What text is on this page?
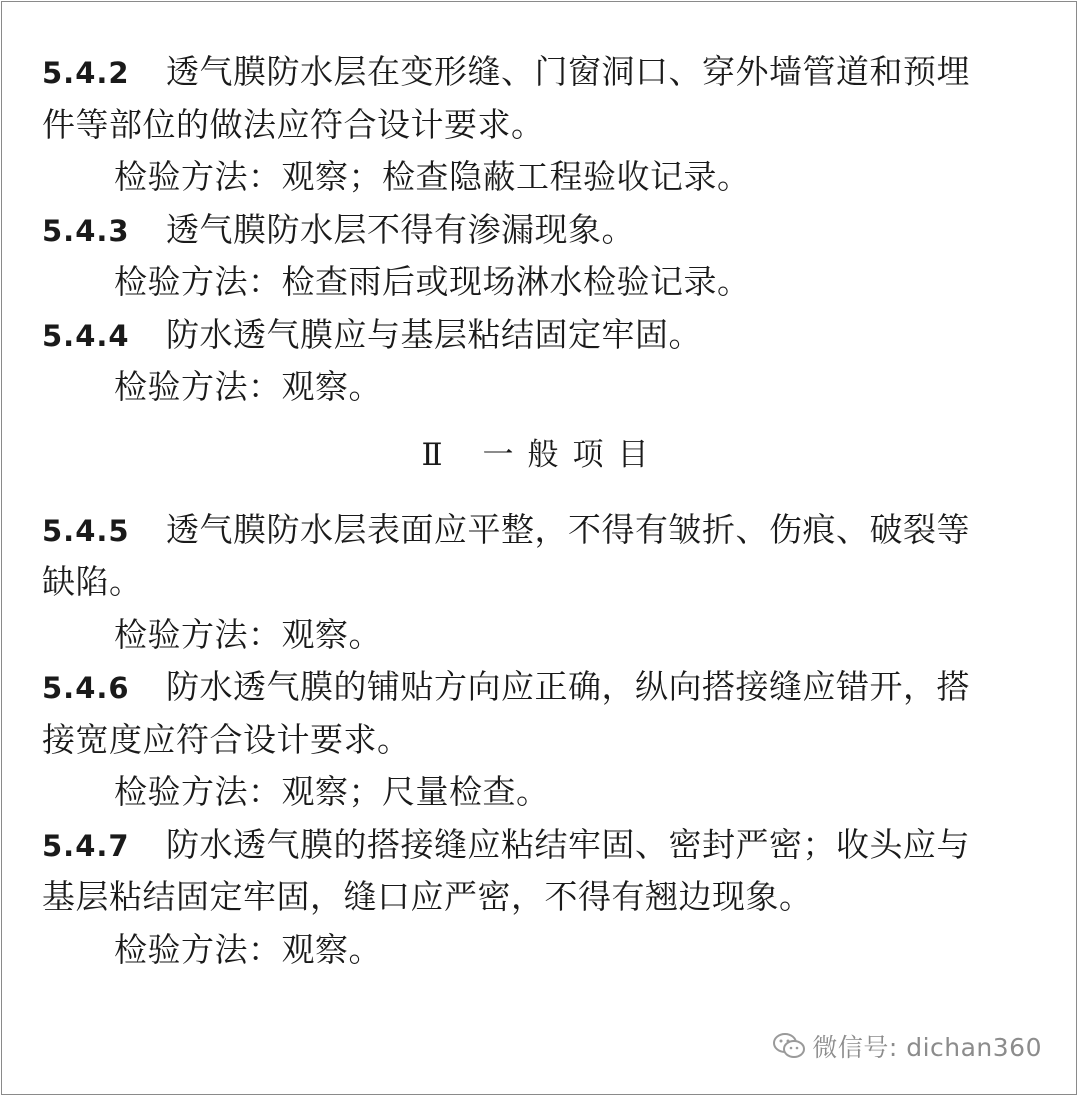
5.4.2 透气膜防水层在变形缝、门窗洞口、穿外墙管道和预埋
件等部位的做法应符合设计要求。
检验方法：观察；检查隐蔽工程验收记录。
5.4.3 透气膜防水层不得有渗漏现象。
检验方法：检查雨后或现场淋水检验记录。
5.4.4 防水透气膜应与基层粘结固定牢固。
检验方法：观察。
Ⅱ 一般项目
5.4.5 透气膜防水层表面应平整，不得有皱折、伤痕、破裂等
缺陷。
检验方法：观察。
5.4.6 防水透气膜的铺贴方向应正确，纵向搭接缝应错开，搭
接宽度应符合设计要求。
检验方法：观察；尺量检查。
5.4.7 防水透气膜的搭接缝应粘结牢固、密封严密；收头应与
基层粘结固定牢固，缝口应严密，不得有翘边现象。
检验方法：观察。
微信号: dichan360
